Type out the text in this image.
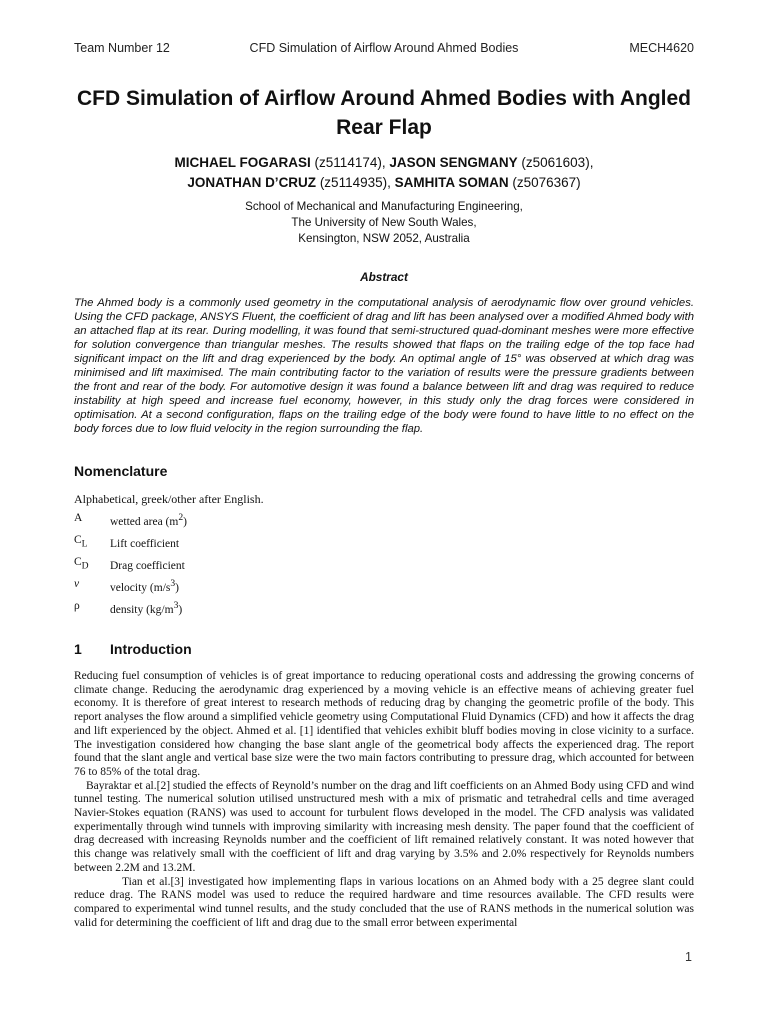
Team Number 12	CFD Simulation of Airflow Around Ahmed Bodies	MECH4620
CFD Simulation of Airflow Around Ahmed Bodies with Angled Rear Flap
MICHAEL FOGARASI (z5114174), JASON SENGMANY (z5061603),
JONATHAN D’CRUZ (z5114935), SAMHITA SOMAN (z5076367)
School of Mechanical and Manufacturing Engineering,
The University of New South Wales,
Kensington, NSW 2052, Australia
Abstract

The Ahmed body is a commonly used geometry in the computational analysis of aerodynamic flow over ground vehicles. Using the CFD package, ANSYS Fluent, the coefficient of drag and lift has been analysed over a modified Ahmed body with an attached flap at its rear. During modelling, it was found that semi-structured quad-dominant meshes were more effective for solution convergence than triangular meshes. The results showed that flaps on the trailing edge of the top face had significant impact on the lift and drag experienced by the body. An optimal angle of 15° was observed at which drag was minimised and lift maximised. The main contributing factor to the variation of results were the pressure gradients between the front and rear of the body. For automotive design it was found a balance between lift and drag was required to reduce instability at high speed and increase fuel economy, however, in this study only the drag forces were considered in optimisation. At a second configuration, flaps on the trailing edge of the body were found to have little to no effect on the body forces due to low fluid velocity in the region surrounding the flap.

Nomenclature
Alphabetical, greek/other after English.
A wetted area $(m^2)$
$C_L$ Lift coefficient
$C_D$ Drag coefficient
v	velocity $(m/s^3)$
ρ	density $(kg/m^3)$
1 Introduction

Reducing fuel consumption of vehicles is of great importance to reducing operational costs and addressing the growing concerns of climate change. Reducing the aerodynamic drag experienced by a moving vehicle is an effective means of achieving greater fuel economy. It is therefore of great interest to research methods of reducing drag by changing the geometric profile of the body. This report analyses the flow around a simplified vehicle geometry using Computational Fluid Dynamics (CFD) and how it affects the drag and lift experienced by the object. Ahmed et al. [1] identified that vehicles exhibit bluff bodies moving in close vicinity to a surface. The investigation considered how changing the base slant angle of the geometrical body affects the experienced drag. The report found that the slant angle and vertical base size were the two main factors contributing to pressure drag, which accounted for between 76 to 85% of the total drag.

Bayraktar et al.[2] studied the effects of Reynold’s number on the drag and lift coefficients on an Ahmed Body using CFD and wind tunnel testing. The numerical solution utilised unstructured mesh with a mix of prismatic and tetrahedral cells and time averaged Navier-Stokes equation (RANS) was used to account for turbulent flows developed in the model. The CFD analysis was validated experimentally through wind tunnels with improving similarity with increasing mesh density. The paper found that the coefficient of drag decreased with increasing Reynolds number and the coefficient of lift remained relatively constant. It was noted however that this change was relatively small with the coefficient of lift and drag varying by 3.5% and 2.0% respectively for Reynolds numbers between 2.2M and 13.2M.

Tian et al.[3] investigated how implementing flaps in various locations on an Ahmed body with a 25 degree slant could reduce drag. The RANS model was used to reduce the required hardware and time resources available. The CFD results were compared to experimental wind tunnel results, and the study concluded that the use of RANS methods in the numerical solution was valid for determining the coefficient of lift and drag due to the small error between experimental

1
